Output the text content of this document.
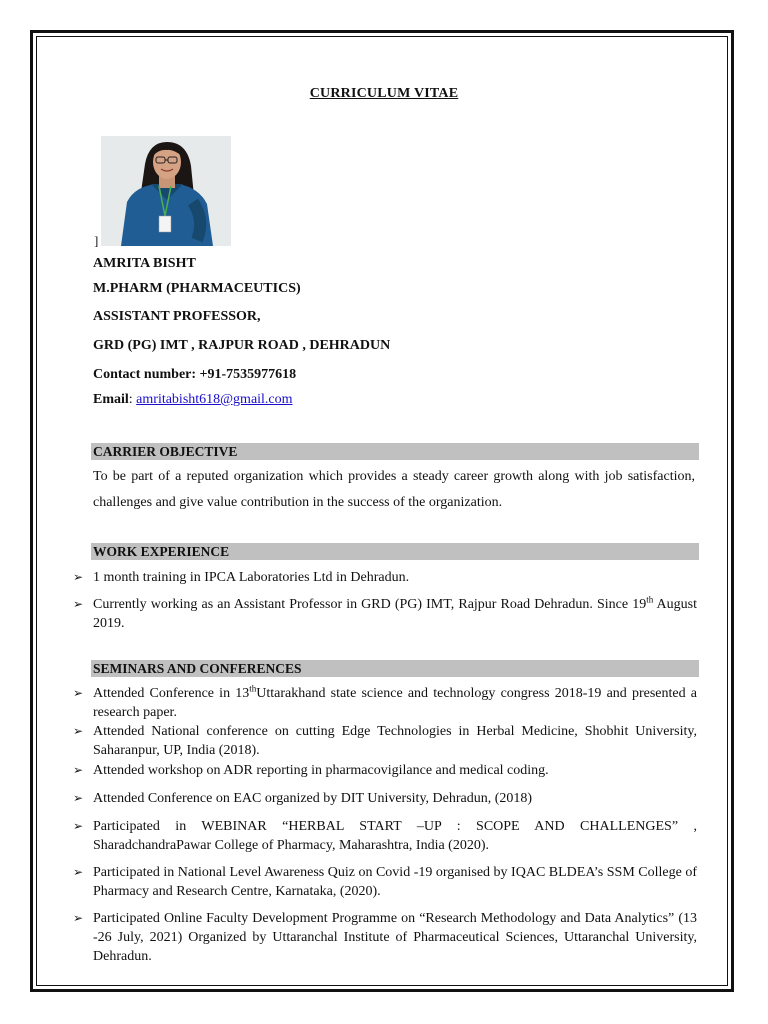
CURRICULUM VITAE
]
AMRITA BISHT
M.PHARM (PHARMACEUTICS)
ASSISTANT PROFESSOR,
GRD (PG) IMT , RAJPUR ROAD , DEHRADUN
Contact number: +91-7535977618
Email: amritabisht618@gmail.com
CARRIER OBJECTIVE
To be part of a reputed organization which provides a steady career growth along with job satisfaction, challenges and give value contribution in the success of the organization.
WORK EXPERIENCE
➢ 1 month training in IPCA Laboratories Ltd in Dehradun.
➢ Currently working as an Assistant Professor in GRD (PG) IMT, Rajpur Road Dehradun. Since 19th August 2019.
SEMINARS AND CONFERENCES
➢ Attended Conference in 13thUttarakhand state science and technology congress 2018-19 and presented a research paper.
➢ Attended National conference on cutting Edge Technologies in Herbal Medicine, Shobhit University, Saharanpur, UP, India (2018).
➢ Attended workshop on ADR reporting in pharmacovigilance and medical coding.
➢ Attended Conference on EAC organized by DIT University, Dehradun, (2018)
➢ Participated in WEBINAR “HERBAL START –UP : SCOPE AND CHALLENGES” , SharadchandraPawar College of Pharmacy, Maharashtra, India (2020).
➢ Participated in National Level Awareness Quiz on Covid -19 organised by IQAC BLDEA’s SSM College of Pharmacy and Research Centre, Karnataka, (2020).
➢ Participated Online Faculty Development Programme on “Research Methodology and Data Analytics” (13 -26 July, 2021) Organized by Uttaranchal Institute of Pharmaceutical Sciences, Uttaranchal University, Dehradun.
